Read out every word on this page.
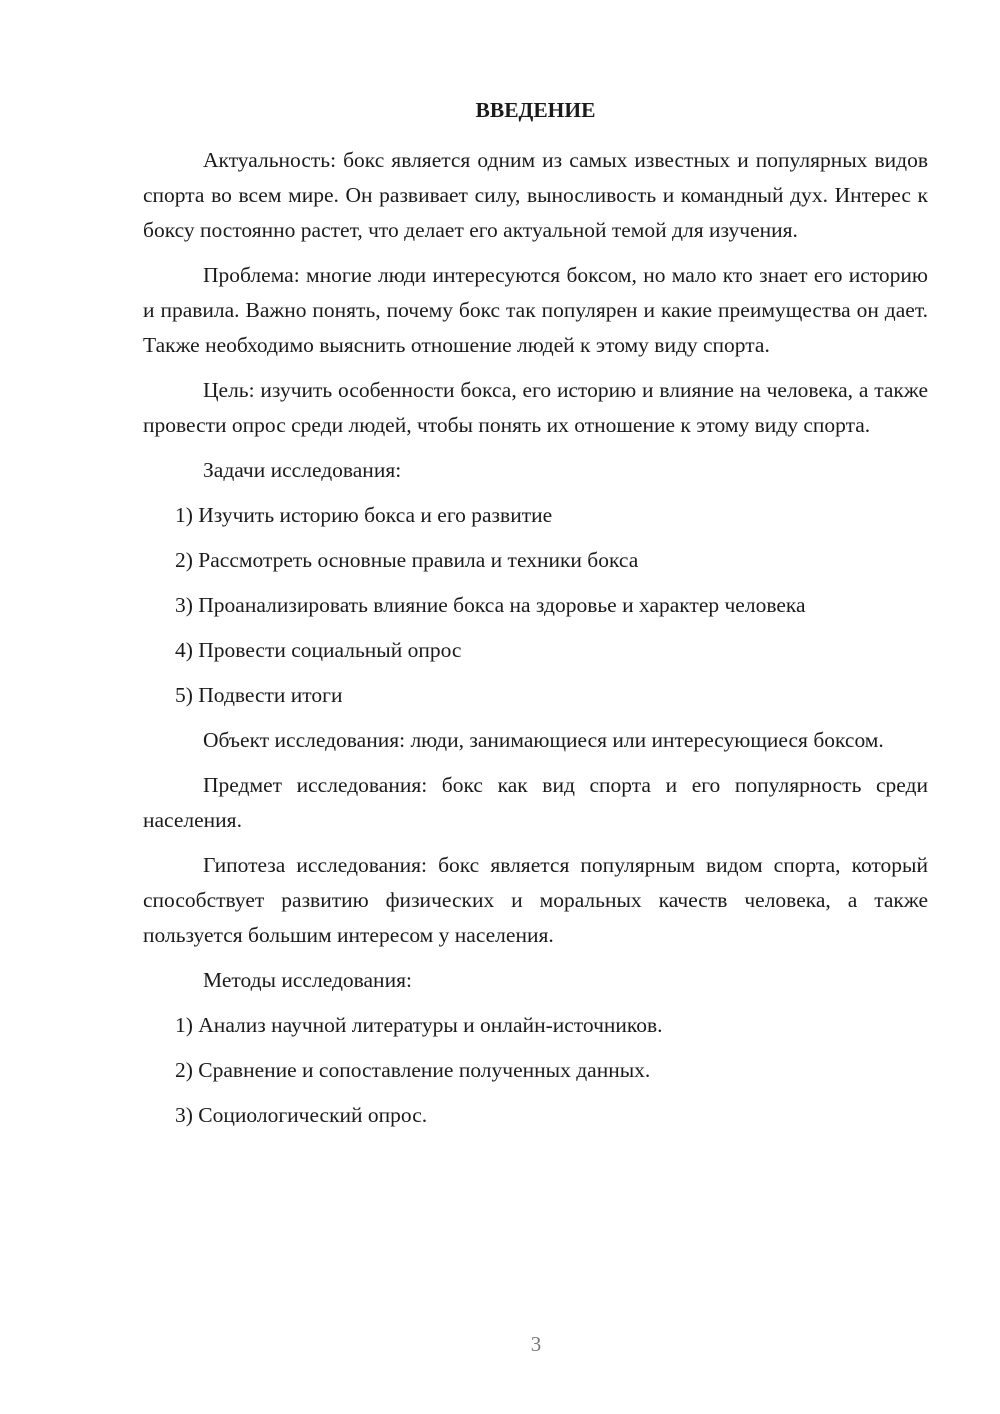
ВВЕДЕНИЕ

Актуальность: бокс является одним из самых известных и популярных видов спорта во всем мире. Он развивает силу, выносливость и командный дух. Интерес к боксу постоянно растет, что делает его актуальной темой для изучения.

Проблема: многие люди интересуются боксом, но мало кто знает его историю и правила. Важно понять, почему бокс так популярен и какие преимущества он дает. Также необходимо выяснить отношение людей к этому виду спорта.

Цель: изучить особенности бокса, его историю и влияние на человека, а также провести опрос среди людей, чтобы понять их отношение к этому виду спорта.

Задачи исследования:

1) Изучить историю бокса и его развитие

2) Рассмотреть основные правила и техники бокса

3) Проанализировать влияние бокса на здоровье и характер человека

4) Провести социальный опрос

5) Подвести итоги

Объект исследования: люди, занимающиеся или интересующиеся боксом.

Предмет исследования: бокс как вид спорта и его популярность среди населения.

Гипотеза исследования: бокс является популярным видом спорта, который способствует развитию физических и моральных качеств человека, а также пользуется большим интересом у населения.

Методы исследования:

1) Анализ научной литературы и онлайн-источников.

2) Сравнение и сопоставление полученных данных.

3) Социологический опрос.

3
